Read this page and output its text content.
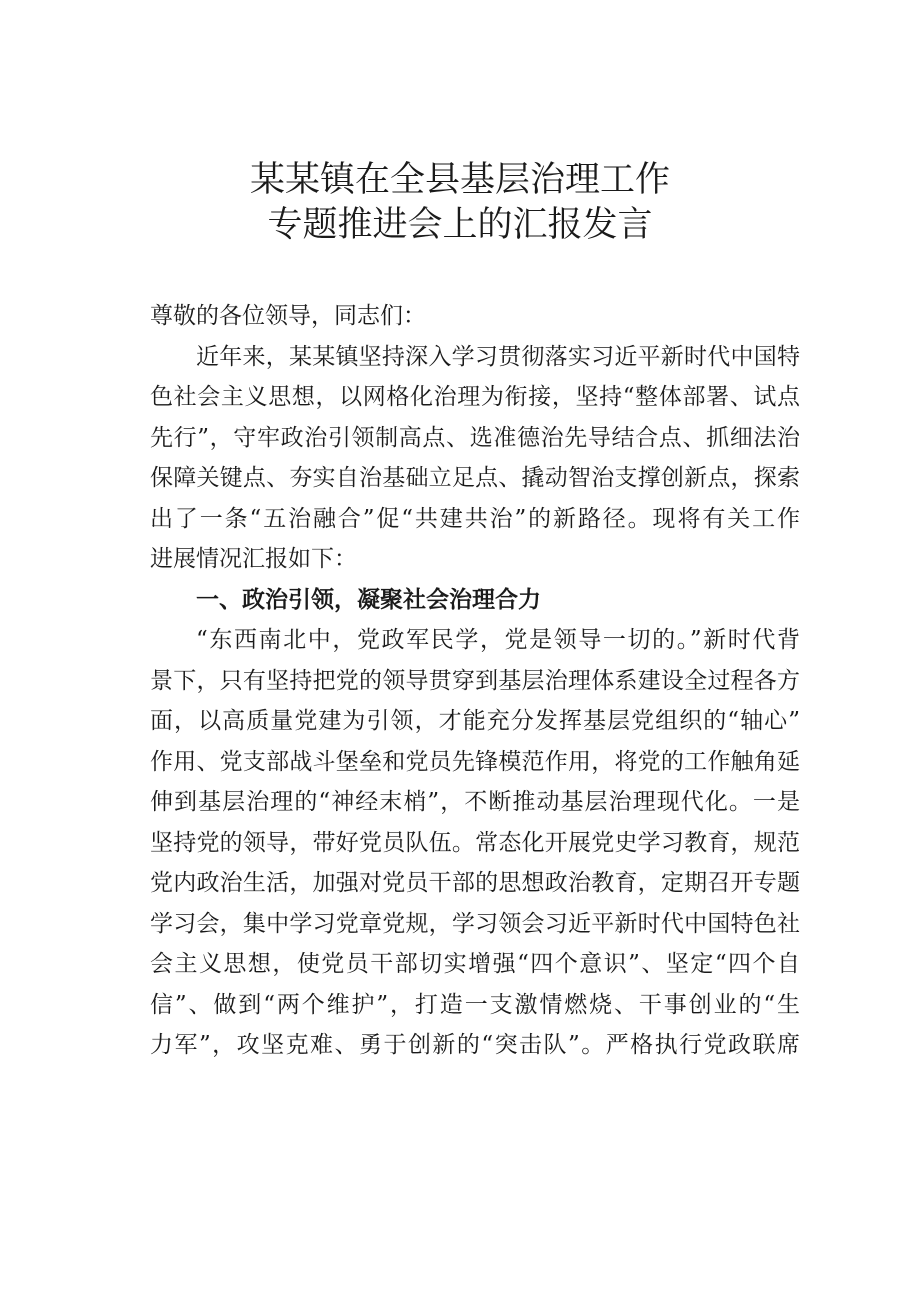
某某镇在全县基层治理工作
专题推进会上的汇报发言
尊敬的各位领导，同志们：
近年来，某某镇坚持深入学习贯彻落实习近平新时代中国特
色社会主义思想，以网格化治理为衔接，坚持“整体部署、试点
先行”，守牢政治引领制高点、选准德治先导结合点、抓细法治
保障关键点、夯实自治基础立足点、撬动智治支撑创新点，探索
出了一条“五治融合”促“共建共治”的新路径。现将有关工作
进展情况汇报如下：
一、政治引领，凝聚社会治理合力
“东西南北中，党政军民学，党是领导一切的。”新时代背
景下，只有坚持把党的领导贯穿到基层治理体系建设全过程各方
面，以高质量党建为引领，才能充分发挥基层党组织的“轴心”
作用、党支部战斗堡垒和党员先锋模范作用，将党的工作触角延
伸到基层治理的“神经末梢”，不断推动基层治理现代化。一是
坚持党的领导，带好党员队伍。常态化开展党史学习教育，规范
党内政治生活，加强对党员干部的思想政治教育，定期召开专题
学习会，集中学习党章党规，学习领会习近平新时代中国特色社
会主义思想，使党员干部切实增强“四个意识”、坚定“四个自
信”、做到“两个维护”，打造一支激情燃烧、干事创业的“生
力军”，攻坚克难、勇于创新的“突击队”。严格执行党政联席
